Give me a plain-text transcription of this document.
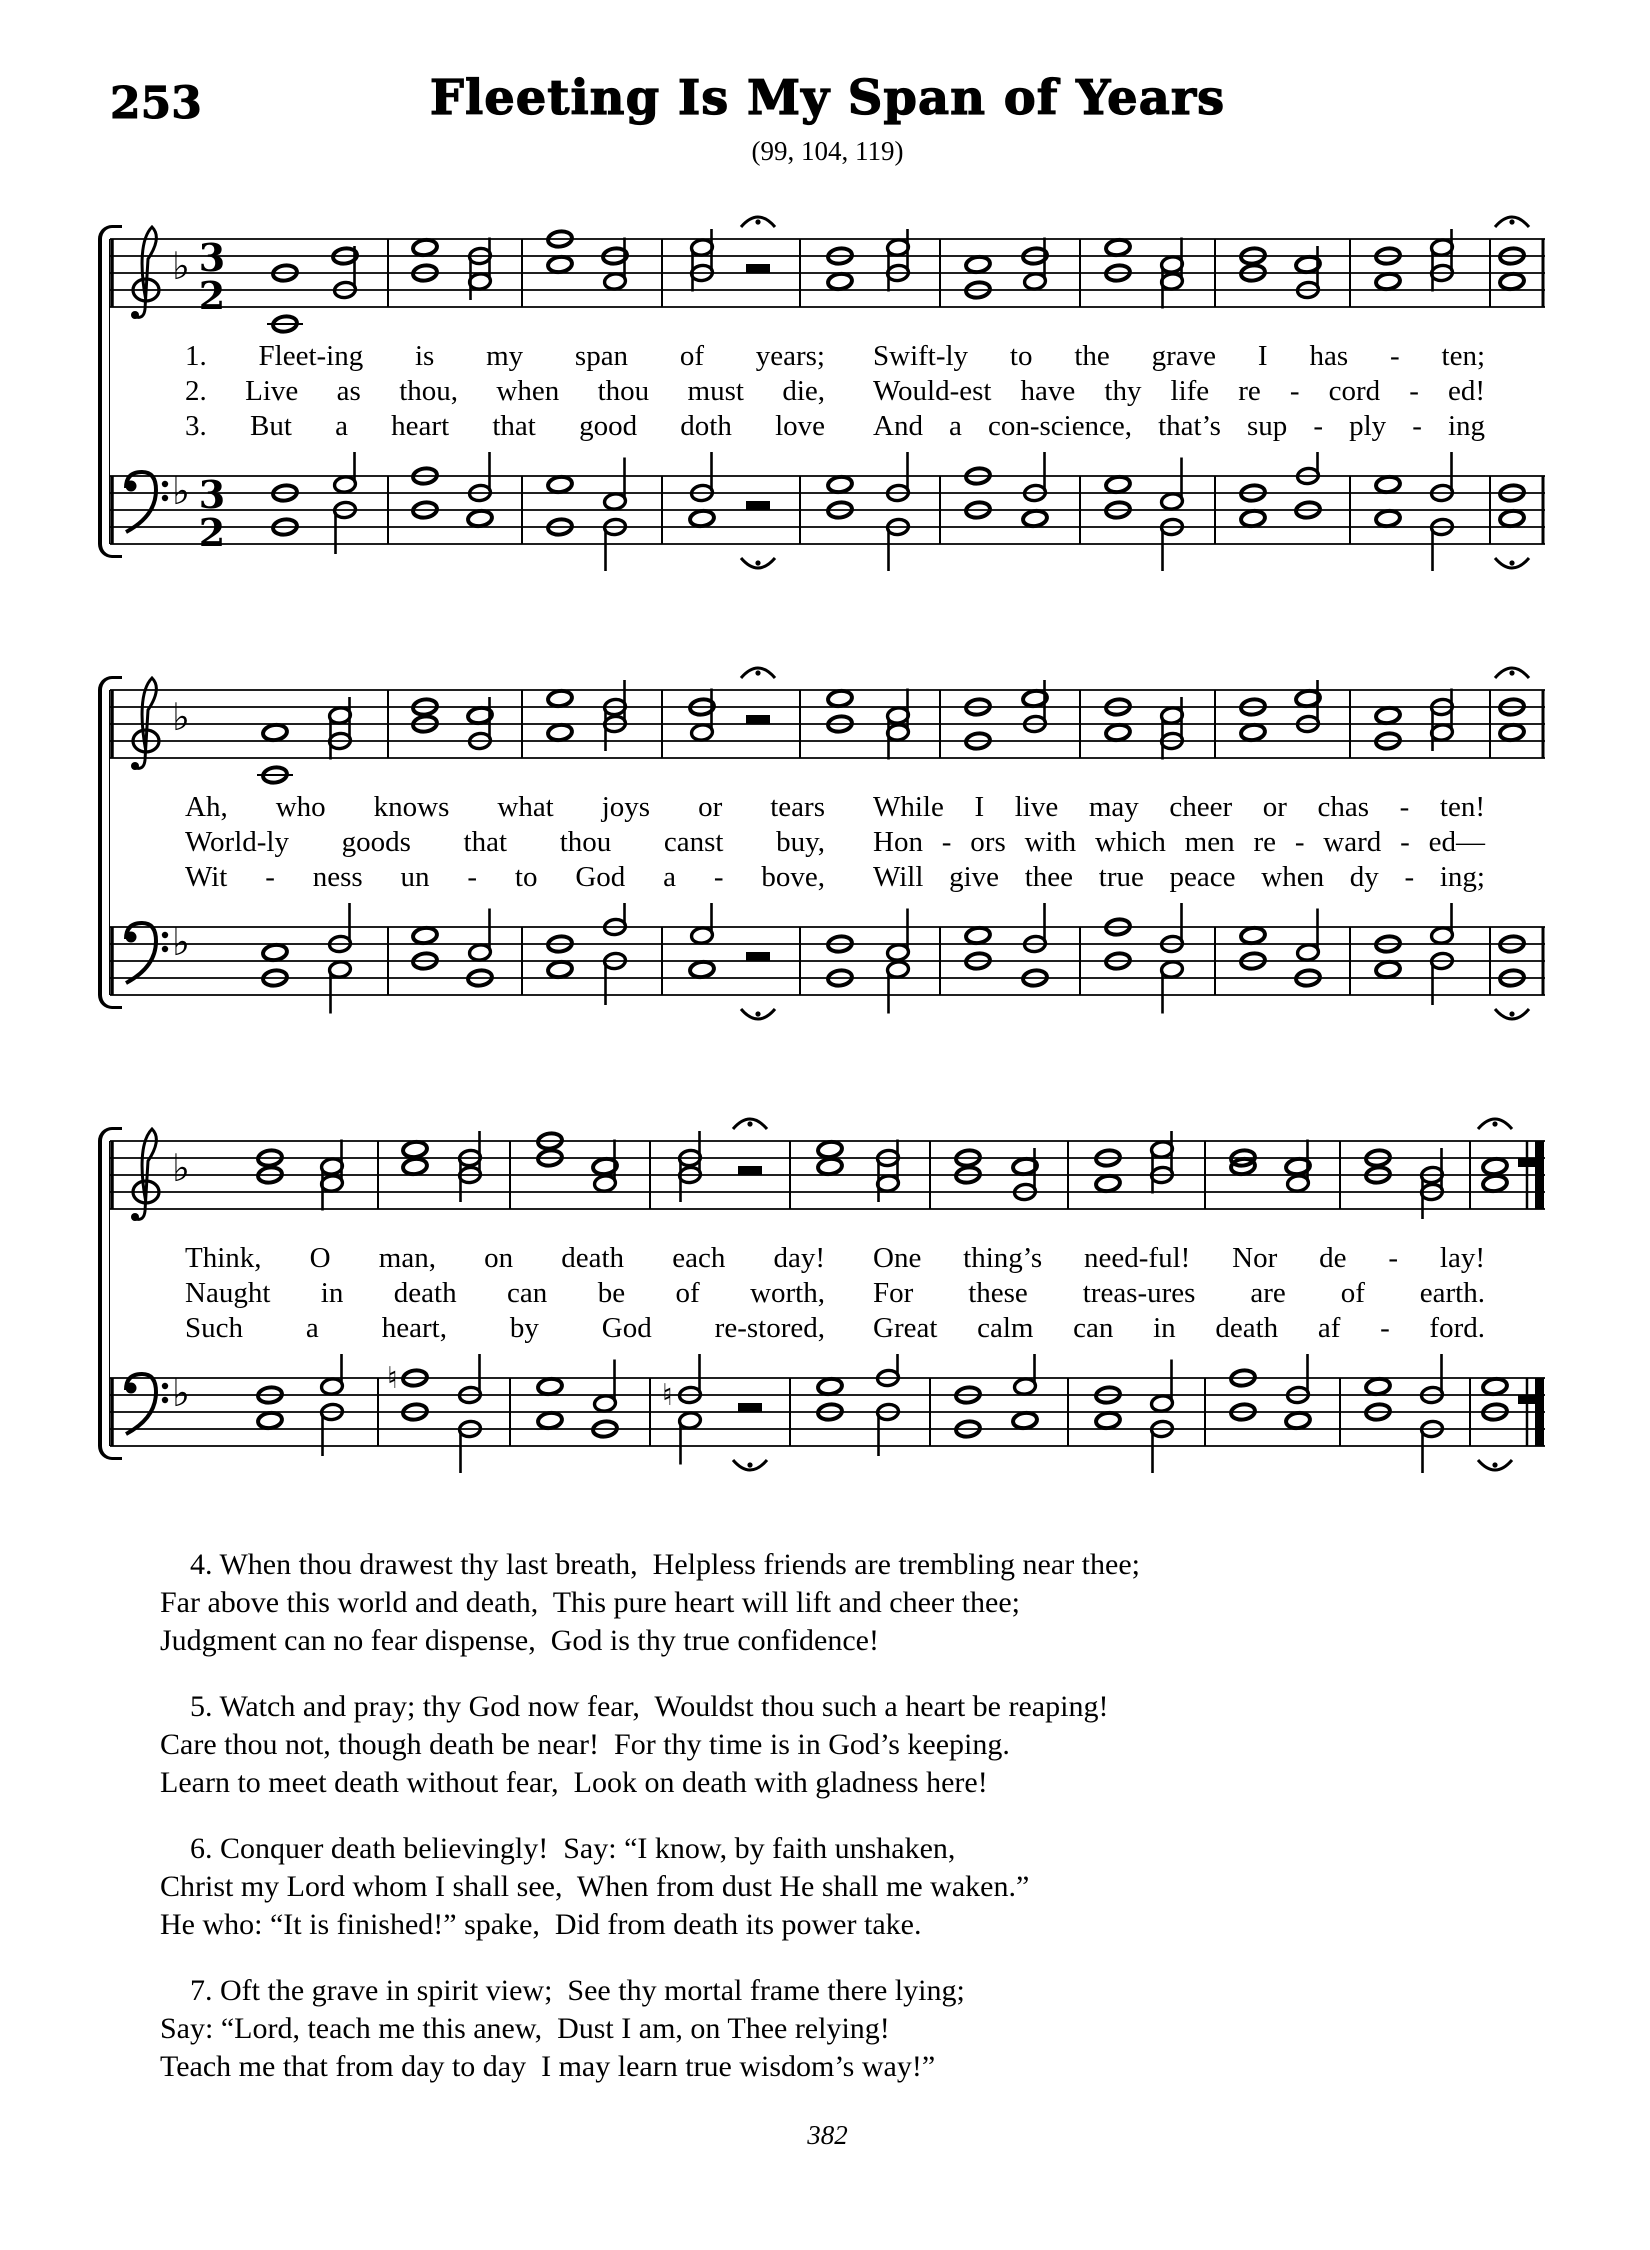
253	Fleeting Is My Span of Years
(99, 104, 119)
♭ 3
2
1. Fleet-ing is my span of years; Swift-ly to the grave I has - ten;
2. Live as thou, when thou must die, Would-est have thy life re - cord - ed!
3. But a heart that good doth love And a con-science, that’s sup - ply - ing
♭ 3
2
♭
Ah, who knows what joys or tears While I live may cheer or chas - ten!
World-ly goods that thou canst buy, Hon - ors with which men re - ward - ed—
Wit - ness un - to God a - bove, Will give thee true peace when dy - ing;
♭
♭
Think, O man, on death each day! One thing’s need-ful! Nor de - lay!
Naught in death can be of worth, For these treas-ures are of earth.
Such a heart, by God re-stored, Great calm can in death af - ford.
♭	♮	♮
4. When thou drawest thy last breath,  Helpless friends are trembling near thee;
Far above this world and death,  This pure heart will lift and cheer thee;
Judgment can no fear dispense,  God is thy true confidence!
5. Watch and pray; thy God now fear,  Wouldst thou such a heart be reaping!
Care thou not, though death be near!  For thy time is in God’s keeping.
Learn to meet death without fear,  Look on death with gladness here!
6. Conquer death believingly!  Say: “I know, by faith unshaken,
Christ my Lord whom I shall see,  When from dust He shall me waken.”
He who: “It is finished!” spake,  Did from death its power take.
7. Oft the grave in spirit view;  See thy mortal frame there lying;
Say: “Lord, teach me this anew,  Dust I am, on Thee relying!
Teach me that from day to day  I may learn true wisdom’s way!”
382
